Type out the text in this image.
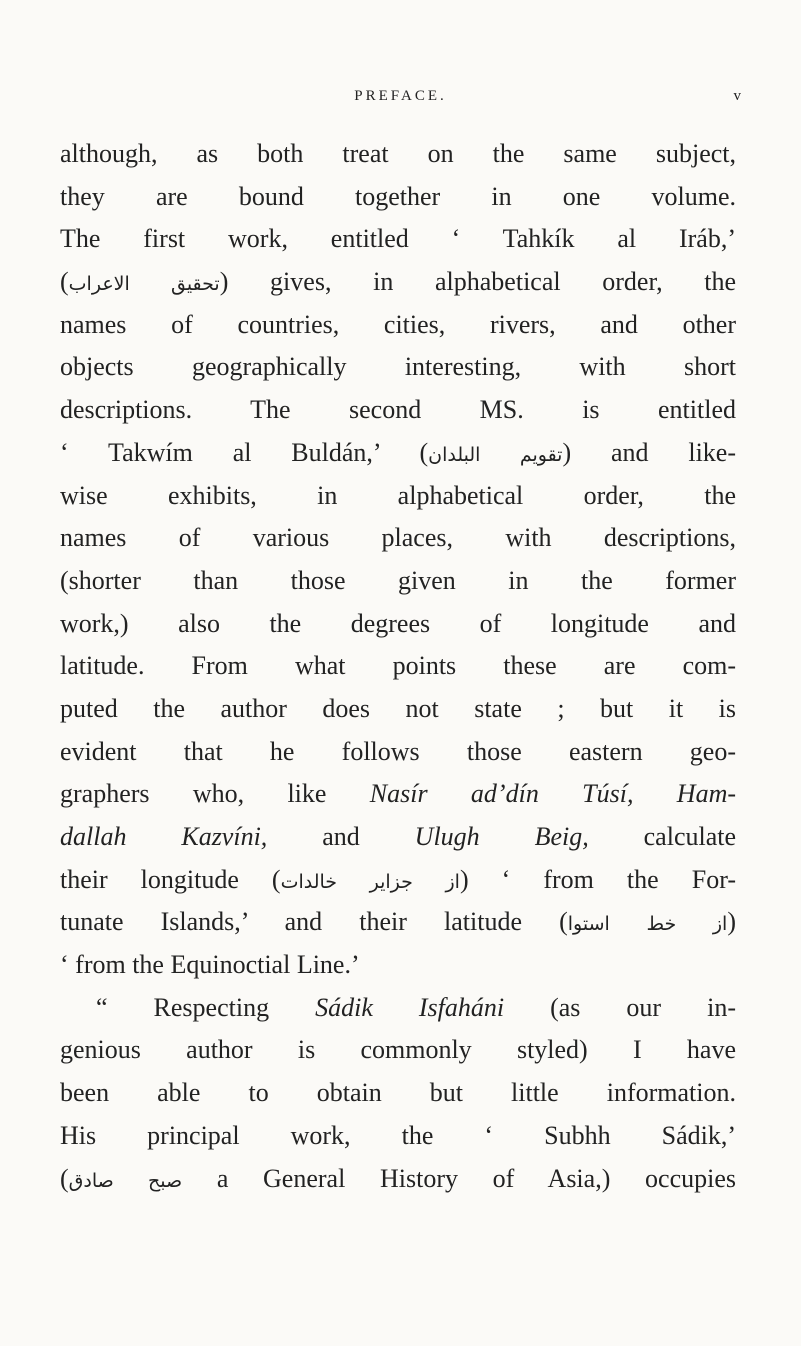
PREFACE.	v
although, as both treat on the same subject,
they are bound together in one volume.
The first work, entitled ‘ Tahkík al Iráb,’
(تحقيق الاعراب) gives, in alphabetical order, the
names of countries, cities, rivers, and other
objects geographically interesting, with short
descriptions. The second MS. is entitled
‘ Takwím al Buldán,’ (تقويم البلدان) and like-
wise exhibits, in alphabetical order, the
names of various places, with descriptions,
(shorter than those given in the former
work,) also the degrees of longitude and
latitude. From what points these are com-
puted the author does not state ; but it is
evident that he follows those eastern geo-
graphers who, like Nasír ad’dín Túsí, Ham-
dallah Kazvíni, and Ulugh Beig, calculate
their longitude (از جزایر خالدات) ‘ from the For-
tunate Islands,’ and their latitude (از خط استوا)
‘ from the Equinoctial Line.’
“ Respecting Sádik Isfaháni (as our in-
genious author is commonly styled) I have
been able to obtain but little information.
His principal work, the ‘ Subhh Sádik,’
(صبح صادق a General History of Asia,) occupies
